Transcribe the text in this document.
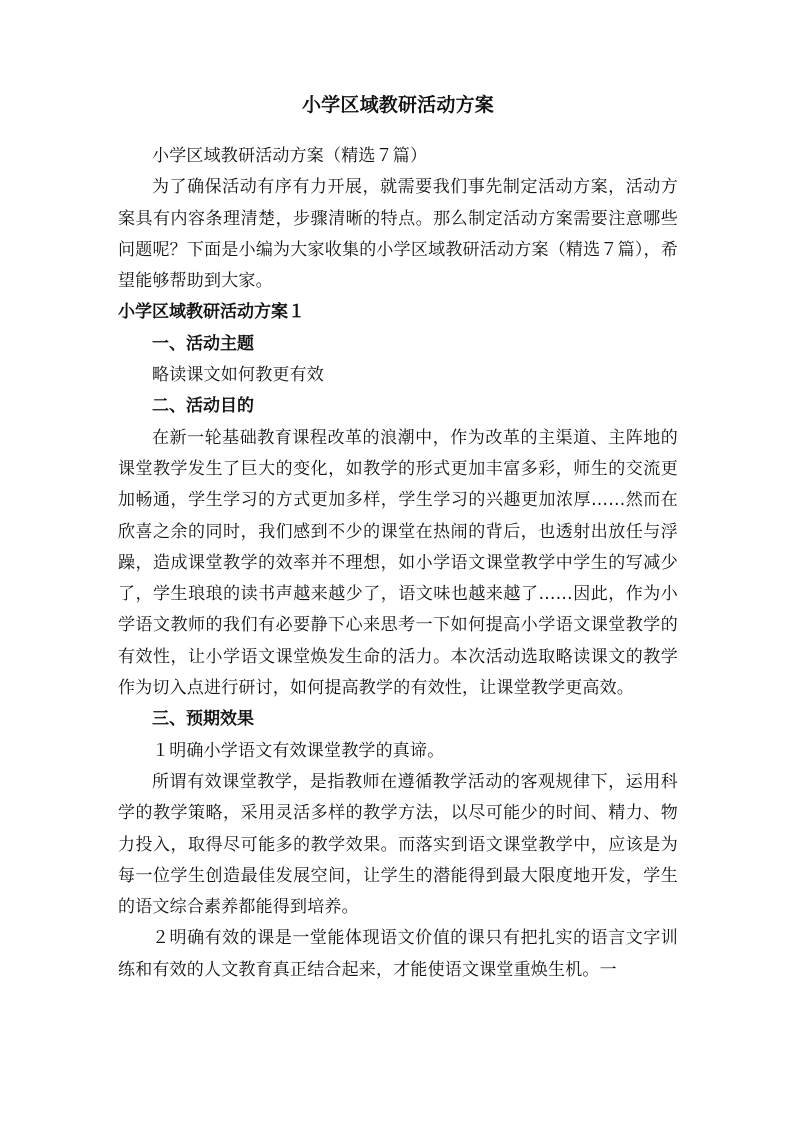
小学区域教研活动方案

小学区域教研活动方案（精选７篇）

为了确保活动有序有力开展，就需要我们事先制定活动方案，活动方案具有内容条理清楚，步骤清晰的特点。那么制定活动方案需要注意哪些问题呢？下面是小编为大家收集的小学区域教研活动方案（精选７篇），希望能够帮助到大家。

小学区域教研活动方案１

一、活动主题

略读课文如何教更有效

二、活动目的

在新一轮基础教育课程改革的浪潮中，作为改革的主渠道、主阵地的课堂教学发生了巨大的变化，如教学的形式更加丰富多彩，师生的交流更加畅通，学生学习的方式更加多样，学生学习的兴趣更加浓厚……然而在欣喜之余的同时，我们感到不少的课堂在热闹的背后，也透射出放任与浮躁，造成课堂教学的效率并不理想，如小学语文课堂教学中学生的写减少了，学生琅琅的读书声越来越少了，语文味也越来越了……因此，作为小学语文教师的我们有必要静下心来思考一下如何提高小学语文课堂教学的有效性，让小学语文课堂焕发生命的活力。本次活动选取略读课文的教学作为切入点进行研讨，如何提高教学的有效性，让课堂教学更高效。

三、预期效果

１明确小学语文有效课堂教学的真谛。

所谓有效课堂教学，是指教师在遵循教学活动的客观规律下，运用科学的教学策略，采用灵活多样的教学方法，以尽可能少的时间、精力、物力投入，取得尽可能多的教学效果。而落实到语文课堂教学中，应该是为每一位学生创造最佳发展空间，让学生的潜能得到最大限度地开发，学生的语文综合素养都能得到培养。

２明确有效的课是一堂能体现语文价值的课只有把扎实的语言文字训练和有效的人文教育真正结合起来，才能使语文课堂重焕生机。一
